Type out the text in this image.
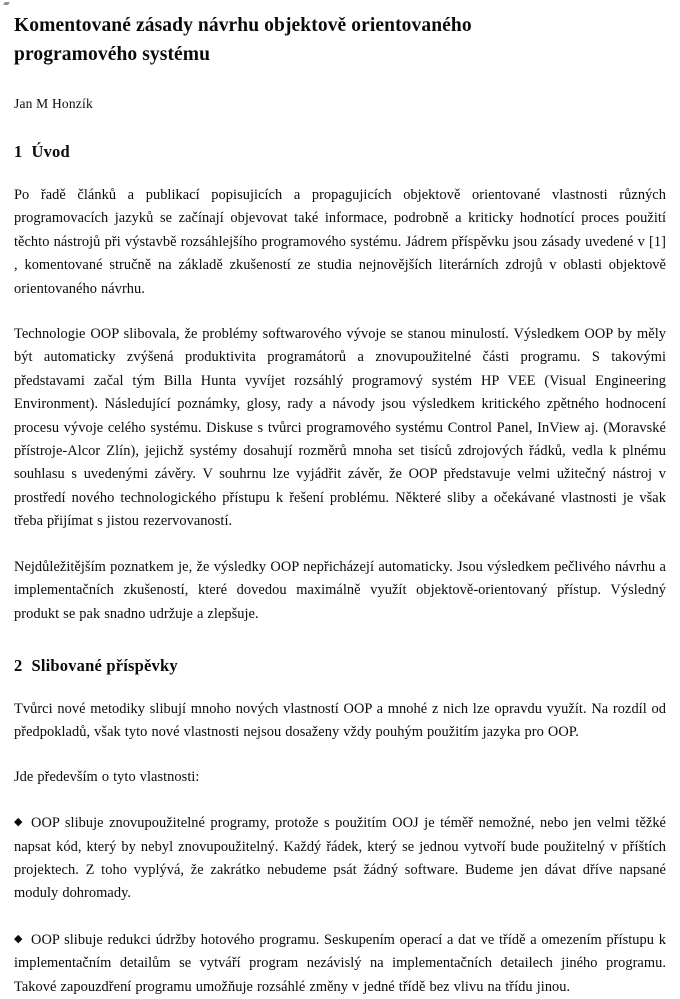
Komentované zásady návrhu objektově orientovaného programového systému
Jan M Honzík
1 Úvod

Po řadě článků a publikací popisujicích a propagujicích objektově orientované vlastnosti různých programovacích jazyků se začínají objevovat také informace, podrobně a kriticky hodnotící proces použití těchto nástrojů při výstavbě rozsáhlejšího programového systému. Jádrem příspěvku jsou zásady uvedené v [1] , komentované stručně na základě zkušeností ze studia nejnovějších literárních zdrojů v oblasti objektově orientovaného návrhu.

Technologie OOP slibovala, že problémy softwarového vývoje se stanou minulostí. Výsledkem OOP by měly být automaticky zvýšená produktivita programátorů a znovupoužitelné části programu. S takovými představami začal tým Billa Hunta vyvíjet rozsáhlý programový systém HP VEE (Visual Engineering Environment). Následující poznámky, glosy, rady a návody jsou výsledkem kritického zpětného hodnocení procesu vývoje celého systému. Diskuse s tvůrci programového systému Control Panel, InView aj. (Moravské přístroje-Alcor Zlín), jejichž systémy dosahují rozměrů mnoha set tisíců zdrojových řádků, vedla k plnému souhlasu s uvedenými závěry. V souhrnu lze vyjádřit závěr, že OOP představuje velmi užitečný nástroj v prostředí nového technologického přístupu k řešení problému. Některé sliby a očekávané vlastnosti je však třeba přijímat s jistou rezervovaností.

Nejdůležitějším poznatkem je, že výsledky OOP nepřicházejí automaticky. Jsou výsledkem pečlivého návrhu a implementačních zkušeností, které dovedou maximálně využít objektově-orientovaný přístup. Výsledný produkt se pak snadno udržuje a zlepšuje.

2 Slibované příspěvky

Tvůrci nové metodiky slibují mnoho nových vlastností OOP a mnohé z nich lze opravdu využít. Na rozdíl od předpokladů, však tyto nové vlastnosti nejsou dosaženy vždy pouhým použitím jazyka pro OOP.

Jde především o tyto vlastnosti:

◆ OOP slibuje znovupoužitelné programy, protože s použitím OOJ je téměř nemožné, nebo jen velmi těžké napsat kód, který by nebyl znovupoužitelný. Každý řádek, který se jednou vytvoří bude použitelný v příštích projektech. Z toho vyplývá, že zakrátko nebudeme psát žádný software. Budeme jen dávat dříve napsané moduly dohromady.

◆ OOP slibuje redukci údržby hotového programu. Seskupením operací a dat ve třídě a omezením přístupu k implementačním detailům se vytváří program nezávislý na implementačních detailech jiného programu. Takové zapouzdření programu umožňuje rozsáhlé změny v jedné třídě bez vlivu na třídu jinou.
